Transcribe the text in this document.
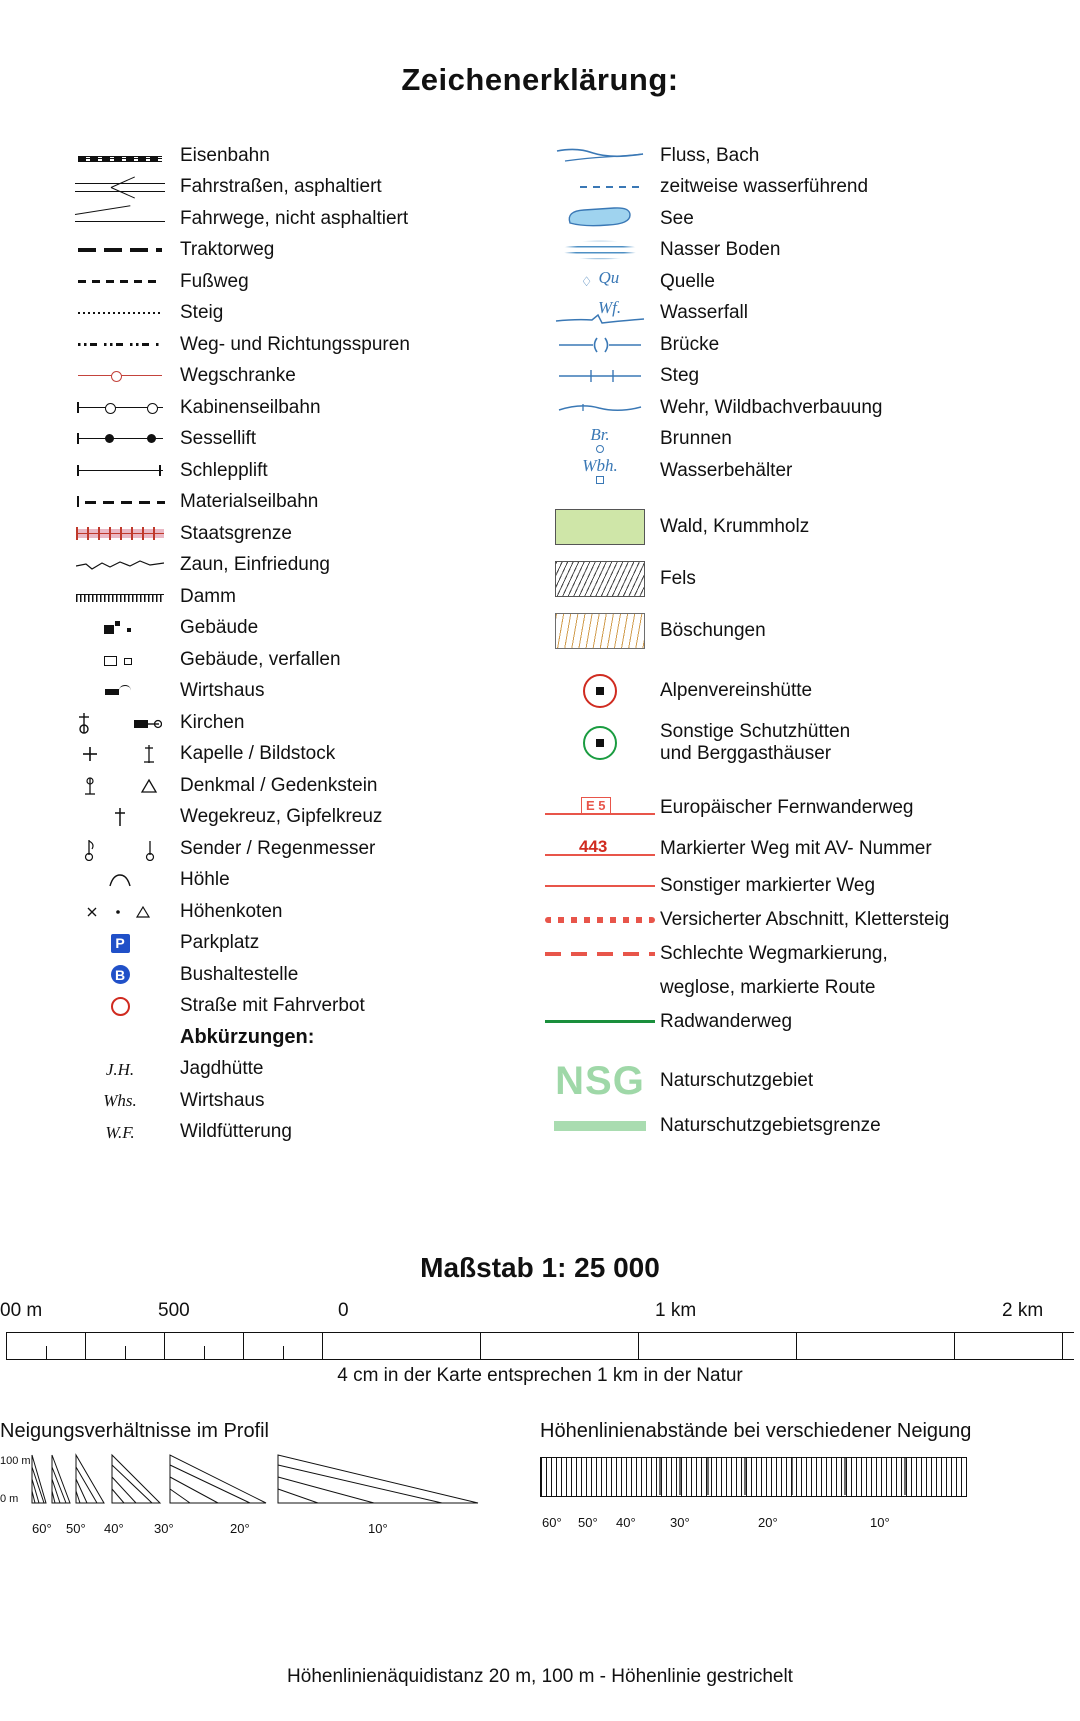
Zeichenerklärung:
Eisenbahn
Fahrstraßen, asphaltiert
Fahrwege, nicht asphaltiert
Traktorweg
Fußweg
Steig
Weg- und Richtungsspuren
Wegschranke
Kabinenseilbahn
Sessellift
Schlepplift
Materialseilbahn
Staatsgrenze
Zaun, Einfriedung
Damm
Gebäude
Gebäude, verfallen
Wirtshaus
Kirchen
Kapelle / Bildstock
Denkmal / Gedenkstein
Wegekreuz, Gipfelkreuz
Sender / Regenmesser
Höhle
Höhenkoten
P	Parkplatz
B	Bushaltestelle
Straße mit Fahrverbot
Abkürzungen:
J.H. Jagdhütte
Whs. Wirtshaus
W.F. Wildfütterung
Fluss, Bach
zeitweise wasserführend
See
Nasser Boden
♢ Qu Quelle
Wf. Wasserfall
Brücke
Steg
Wehr, Wildbachverbauung
Br.	Brunnen
Wbh. Wasserbehälter
Wald, Krummholz
Fels
Böschungen
Alpenvereinshütte
Sonstige Schutzhütten
und Berggasthäuser
E 5	Europäischer Fernwanderweg
443	Markierter Weg mit AV- Nummer
Sonstiger markierter Weg
Versicherter Abschnitt, Klettersteig
Schlechte Wegmarkierung,
weglose, markierte Route
Radwanderweg
NSG Naturschutzgebiet
Naturschutzgebietsgrenze
Maßstab 1: 25 000
00 m	500	0	1 km	2 km
4 cm in der Karte entsprechen 1 km in der Natur
Neigungsverhältnisse im Profil
100 m
0 m
60° 50° 40° 30°	20°	10°
Höhenlinienabstände bei verschiedener Neigung
60° 50° 40°	30°	20°	10°
Höhenlinienäquidistanz 20 m, 100 m - Höhenlinie gestrichelt
